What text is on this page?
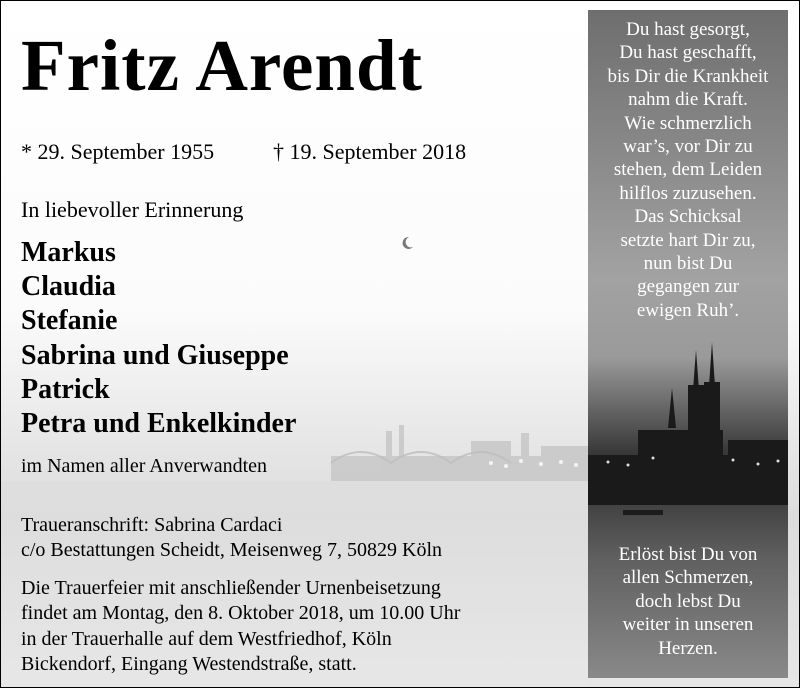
Du hast gesorgt,
Du hast geschafft,
bis Dir die Krankheit
nahm die Kraft.
Wie schmerzlich
war’s, vor Dir zu
stehen, dem Leiden
hilflos zuzusehen.
Das Schicksal
setzte hart Dir zu,
nun bist Du
gegangen zur
ewigen Ruh’.
Erlöst bist Du von
allen Schmerzen,
doch lebst Du
weiter in unseren
Herzen.
Fritz Arendt
* 29. September 1955	† 19. September 2018
In liebevoller Erinnerung
Markus
Claudia
Stefanie
Sabrina und Giuseppe
Patrick
Petra und Enkelkinder
im Namen aller Anverwandten
Traueranschrift: Sabrina Cardaci
c/o Bestattungen Scheidt, Meisenweg 7, 50829 Köln
Die Trauerfeier mit anschließender Urnenbeisetzung
findet am Montag, den 8. Oktober 2018, um 10.00 Uhr
in der Trauerhalle auf dem Westfriedhof, Köln
Bickendorf, Eingang Westendstraße, statt.
